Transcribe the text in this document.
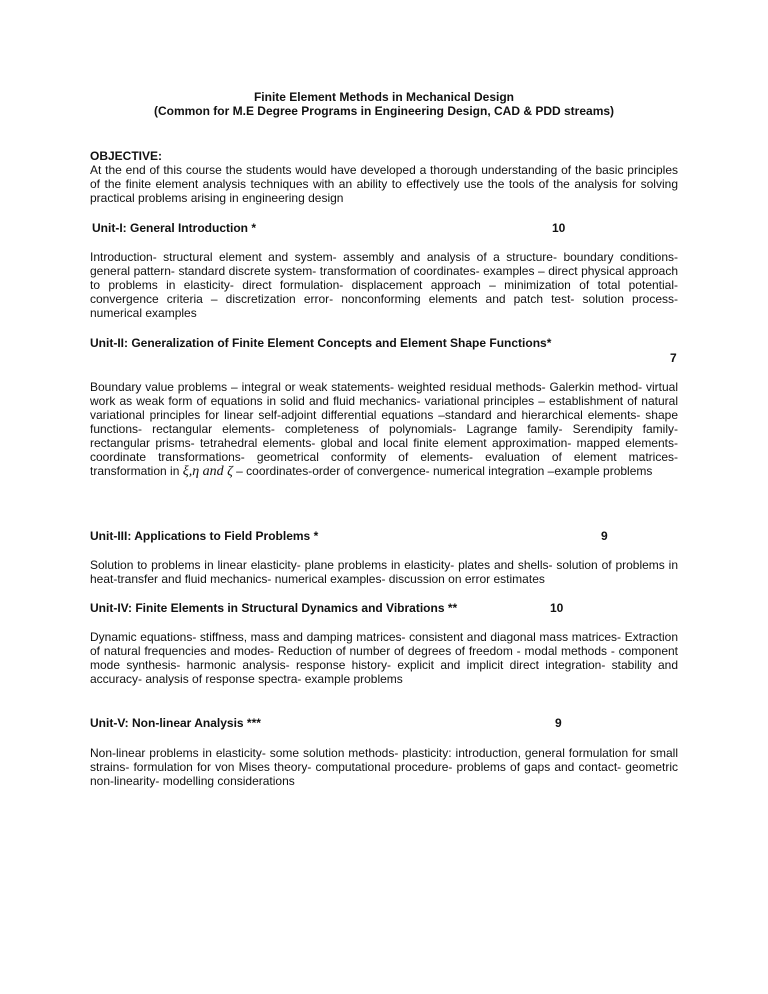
Finite Element Methods in Mechanical Design
(Common for M.E Degree Programs in Engineering Design, CAD & PDD streams)
OBJECTIVE:

At the end of this course the students would have developed a thorough understanding of the basic principles of the finite element analysis techniques with an ability to effectively use the tools of the analysis for solving practical problems arising in engineering design

Unit-I: General Introduction *	10

Introduction- structural element and system- assembly and analysis of a structure- boundary conditions- general pattern- standard discrete system- transformation of coordinates- examples – direct physical approach to problems in elasticity- direct formulation- displacement approach – minimization of total potential- convergence criteria – discretization error- nonconforming elements and patch test- solution process- numerical examples

Unit-II: Generalization of Finite Element Concepts and Element Shape Functions*
7

Boundary value problems – integral or weak statements- weighted residual methods- Galerkin method- virtual work as weak form of equations in solid and fluid mechanics- variational principles – establishment of natural variational principles for linear self-adjoint differential equations –standard and hierarchical elements- shape functions- rectangular elements- completeness of polynomials- Lagrange family- Serendipity family- rectangular prisms- tetrahedral elements- global and local finite element approximation- mapped elements- coordinate transformations- geometrical conformity of elements- evaluation of element matrices- transformation in ξ,η and ζ – coordinates-order of convergence- numerical integration –example problems

Unit-III: Applications to Field Problems *	9

Solution to problems in linear elasticity- plane problems in elasticity- plates and shells- solution of problems in heat-transfer and fluid mechanics- numerical examples- discussion on error estimates

Unit-IV: Finite Elements in Structural Dynamics and Vibrations **	10

Dynamic equations- stiffness, mass and damping matrices- consistent and diagonal mass matrices- Extraction of natural frequencies and modes- Reduction of number of degrees of freedom - modal methods - component mode synthesis- harmonic analysis- response history- explicit and implicit direct integration- stability and accuracy- analysis of response spectra- example problems

Unit-V: Non-linear Analysis ***	9

Non-linear problems in elasticity- some solution methods- plasticity: introduction, general formulation for small strains- formulation for von Mises theory- computational procedure- problems of gaps and contact- geometric non-linearity- modelling considerations
